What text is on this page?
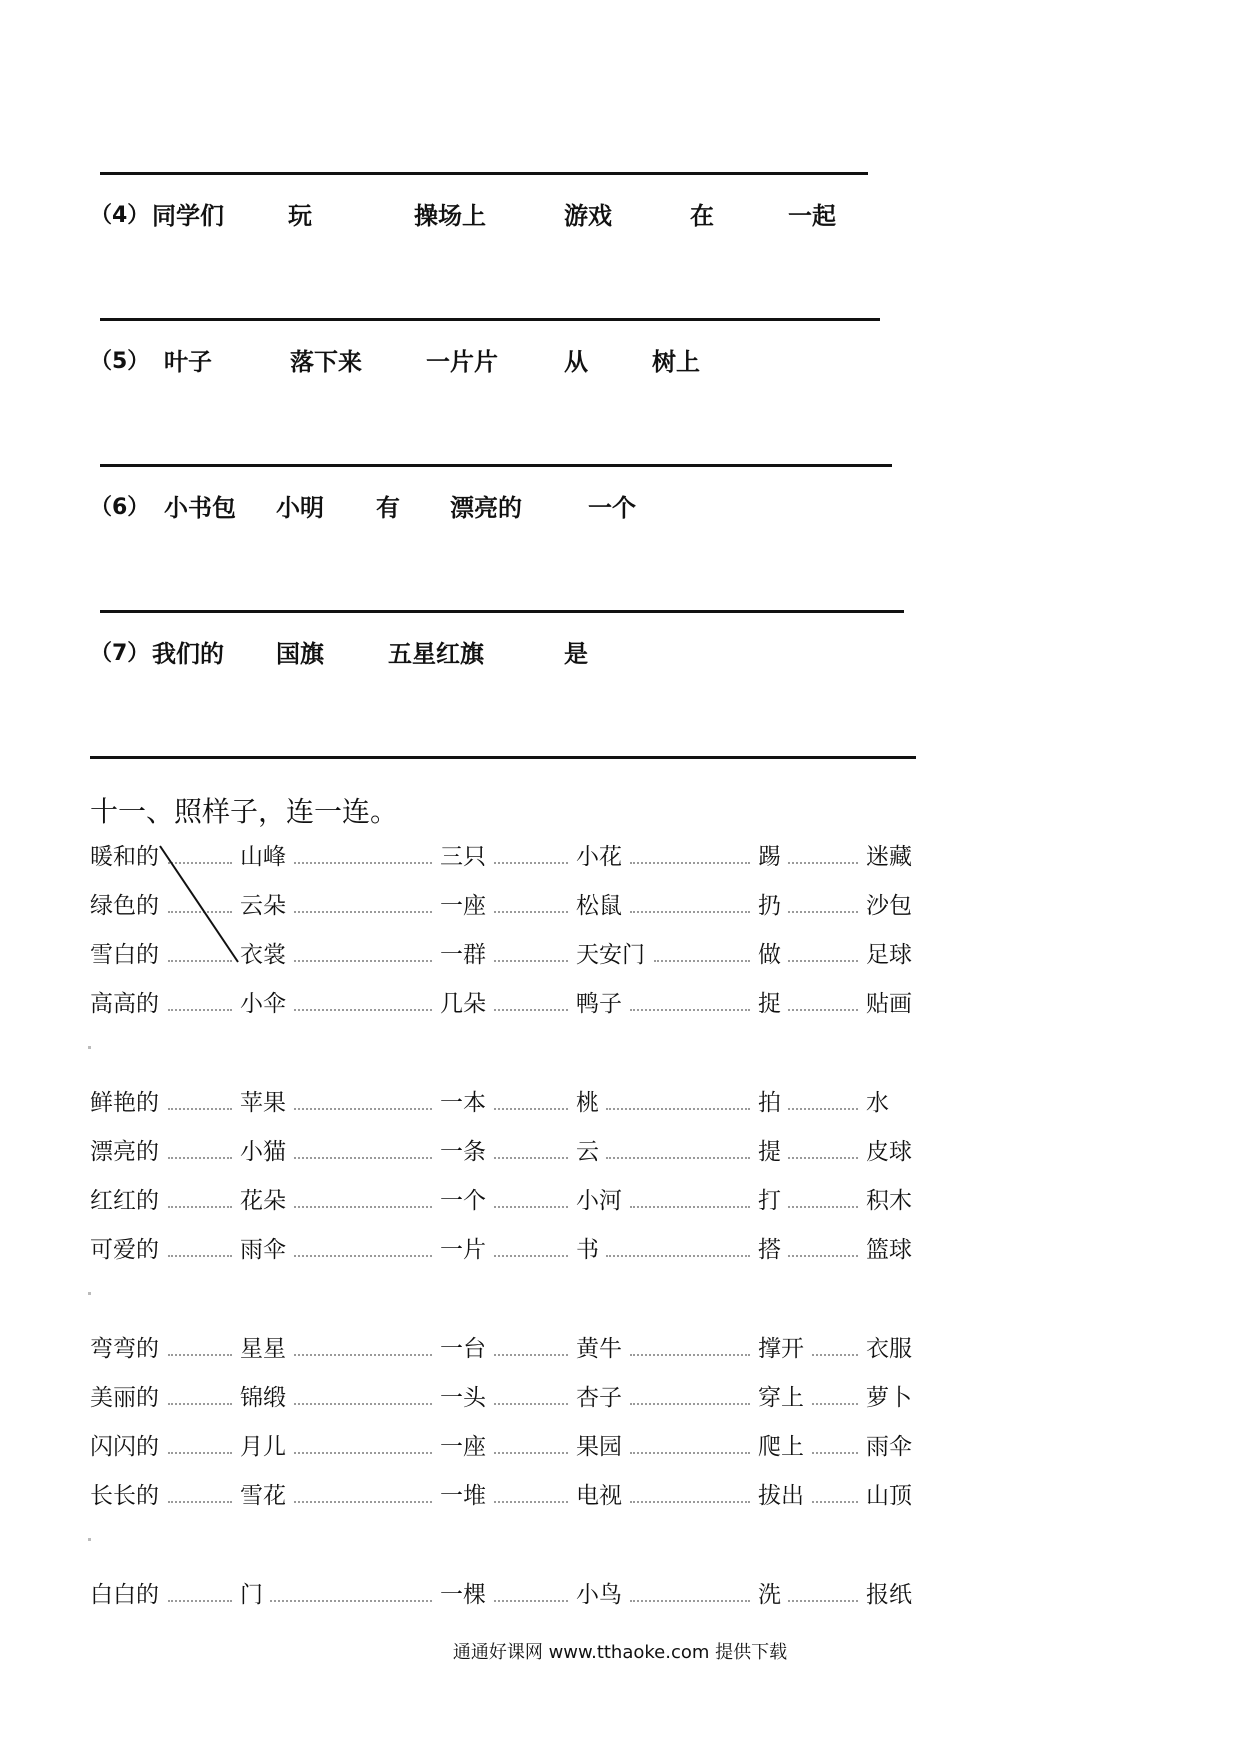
（4） 同学们	玩	操场上	游戏	在	一起
（5） 叶子	落下来	一片片	从	树上
（6） 小书包 小明 有 漂亮的	一个
（7） 我们的 国旗	五星红旗	是
十一、照样子，连一连。
暖和的	山峰	三只	小花	踢	迷藏
绿色的	云朵	一座	松鼠	扔	沙包
雪白的	衣裳	一群	天安门	做	足球
高高的	小伞	几朵	鸭子	捉	贴画
鲜艳的	苹果	一本	桃	拍	水
漂亮的	小猫	一条	云	提	皮球
红红的	花朵	一个	小河	打	积木
可爱的	雨伞	一片	书	搭	篮球
弯弯的	星星	一台	黄牛	撑开	衣服
美丽的	锦缎	一头	杏子	穿上	萝卜
闪闪的	月儿	一座	果园	爬上	雨伞
长长的	雪花	一堆	电视	拔出	山顶
白白的	门	一棵	小鸟	洗	报纸
通通好课网 www.tthaoke.com 提供下载
